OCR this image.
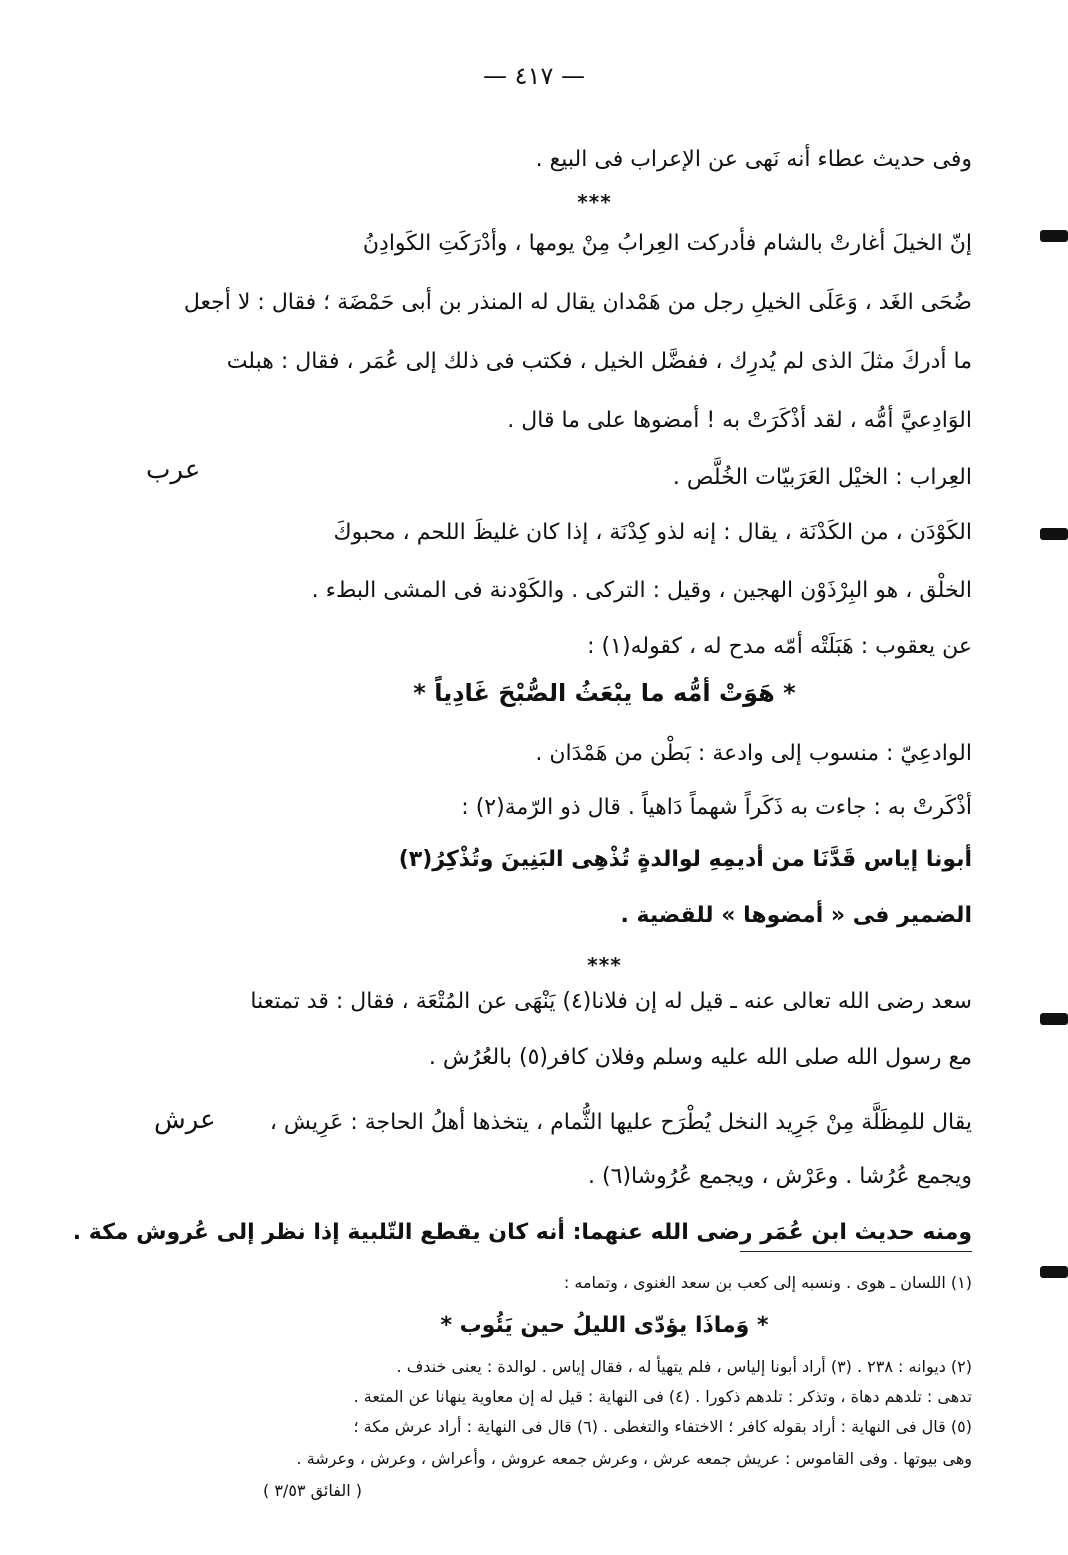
— ٤١٧ —
عرب
عرش
وفى حديث عطاء أنه نَهى عن الإعراب فى البيع .
***
إنّ الخيلَ أغارتْ بالشام فأدركت العِرابُ مِنْ يومها ، وأدْرَكَتِ الكَوادِنُ
ضُحَى الغَد ، وَعَلَى الخيلِ رجل من هَمْدان يقال له المنذر بن أبى حَمْضَة ؛ فقال : لا أجعل
ما أدركَ مثلَ الذى لم يُدرِك ، ففضَّل الخيل ، فكتب فى ذلك إلى عُمَر ، فقال : هبلت
الوَادِعيَّ أمُّه ، لقد أذْكَرَتْ به ! أمضوها على ما قال .
العِراب : الخيْل العَرَبيّات الخُلَّص .
الكَوْدَن ، من الكَدْنَة ، يقال : إنه لذو كِدْنَة ، إذا كان غليظَ اللحم ، محبوكَ
الخلْق ، هو البِرْذَوْن الهجين ، وقيل : التركى . والكَوْدنة فى المشى البطء .
عن يعقوب : هَبَلَتْه أمّه مدح له ، كقوله(١) :
* هَوَتْ أمُّه ما يبْعَثُ الصُّبْحَ غَادِياً *
الوادعِيّ : منسوب إلى وادعة : بَطْن من هَمْدَان .
أذْكَرتْ به : جاءت به ذَكَراً شهماً دَاهياً . قال ذو الرّمة(٢) :
أبونا إياس قَدَّنَا من أديمِهِ لوالدةٍ تُذْهِى البَنِينَ وتُذْكِرُ(٣)
الضمير فى « أمضوها » للقضية .
***
سعد رضى الله تعالى عنه ـ قيل له إن فلانا(٤) يَنْهَى عن المُتْعَة ، فقال : قد تمتعنا
مع رسول الله صلى الله عليه وسلم وفلان كافر(٥) بالعُرُش .
يقال للمِظَلَّة مِنْ جَرِيد النخل يُطْرَح عليها الثُّمام ، يتخذها أهلُ الحاجة : عَرِيش ،
ويجمع عُرُشا . وعَرْش ، ويجمع عُرُوشا(٦) .
ومنه حديث ابن عُمَر رضى الله عنهما: أنه كان يقطع التّلبية إذا نظر إلى عُروش مكة .
(١) اللسان ـ هوى . ونسبه إلى كعب بن سعد الغنوى ، وتمامه :
* وَماذَا يؤدّى الليلُ حين يَئُوب *
(٢) ديوانه : ٢٣٨ . (٣) أراد أبونا إلياس ، فلم يتهيأ له ، فقال إياس . لوالدة : يعنى خندف .
تدهى : تلدهم دهاة ، وتذكر : تلدهم ذكورا . (٤) فى النهاية : قيل له إن معاوية ينهانا عن المتعة .
(٥) قال فى النهاية : أراد بقوله كافر ؛ الاختفاء والتغطى . (٦) قال فى النهاية : أراد عرش مكة ؛
وهى بيوتها . وفى القاموس : عريش جمعه عرش ، وعرش جمعه عروش ، وأعراش ، وعرش ، وعرشة .
( الفائق ٣/٥٣ )
